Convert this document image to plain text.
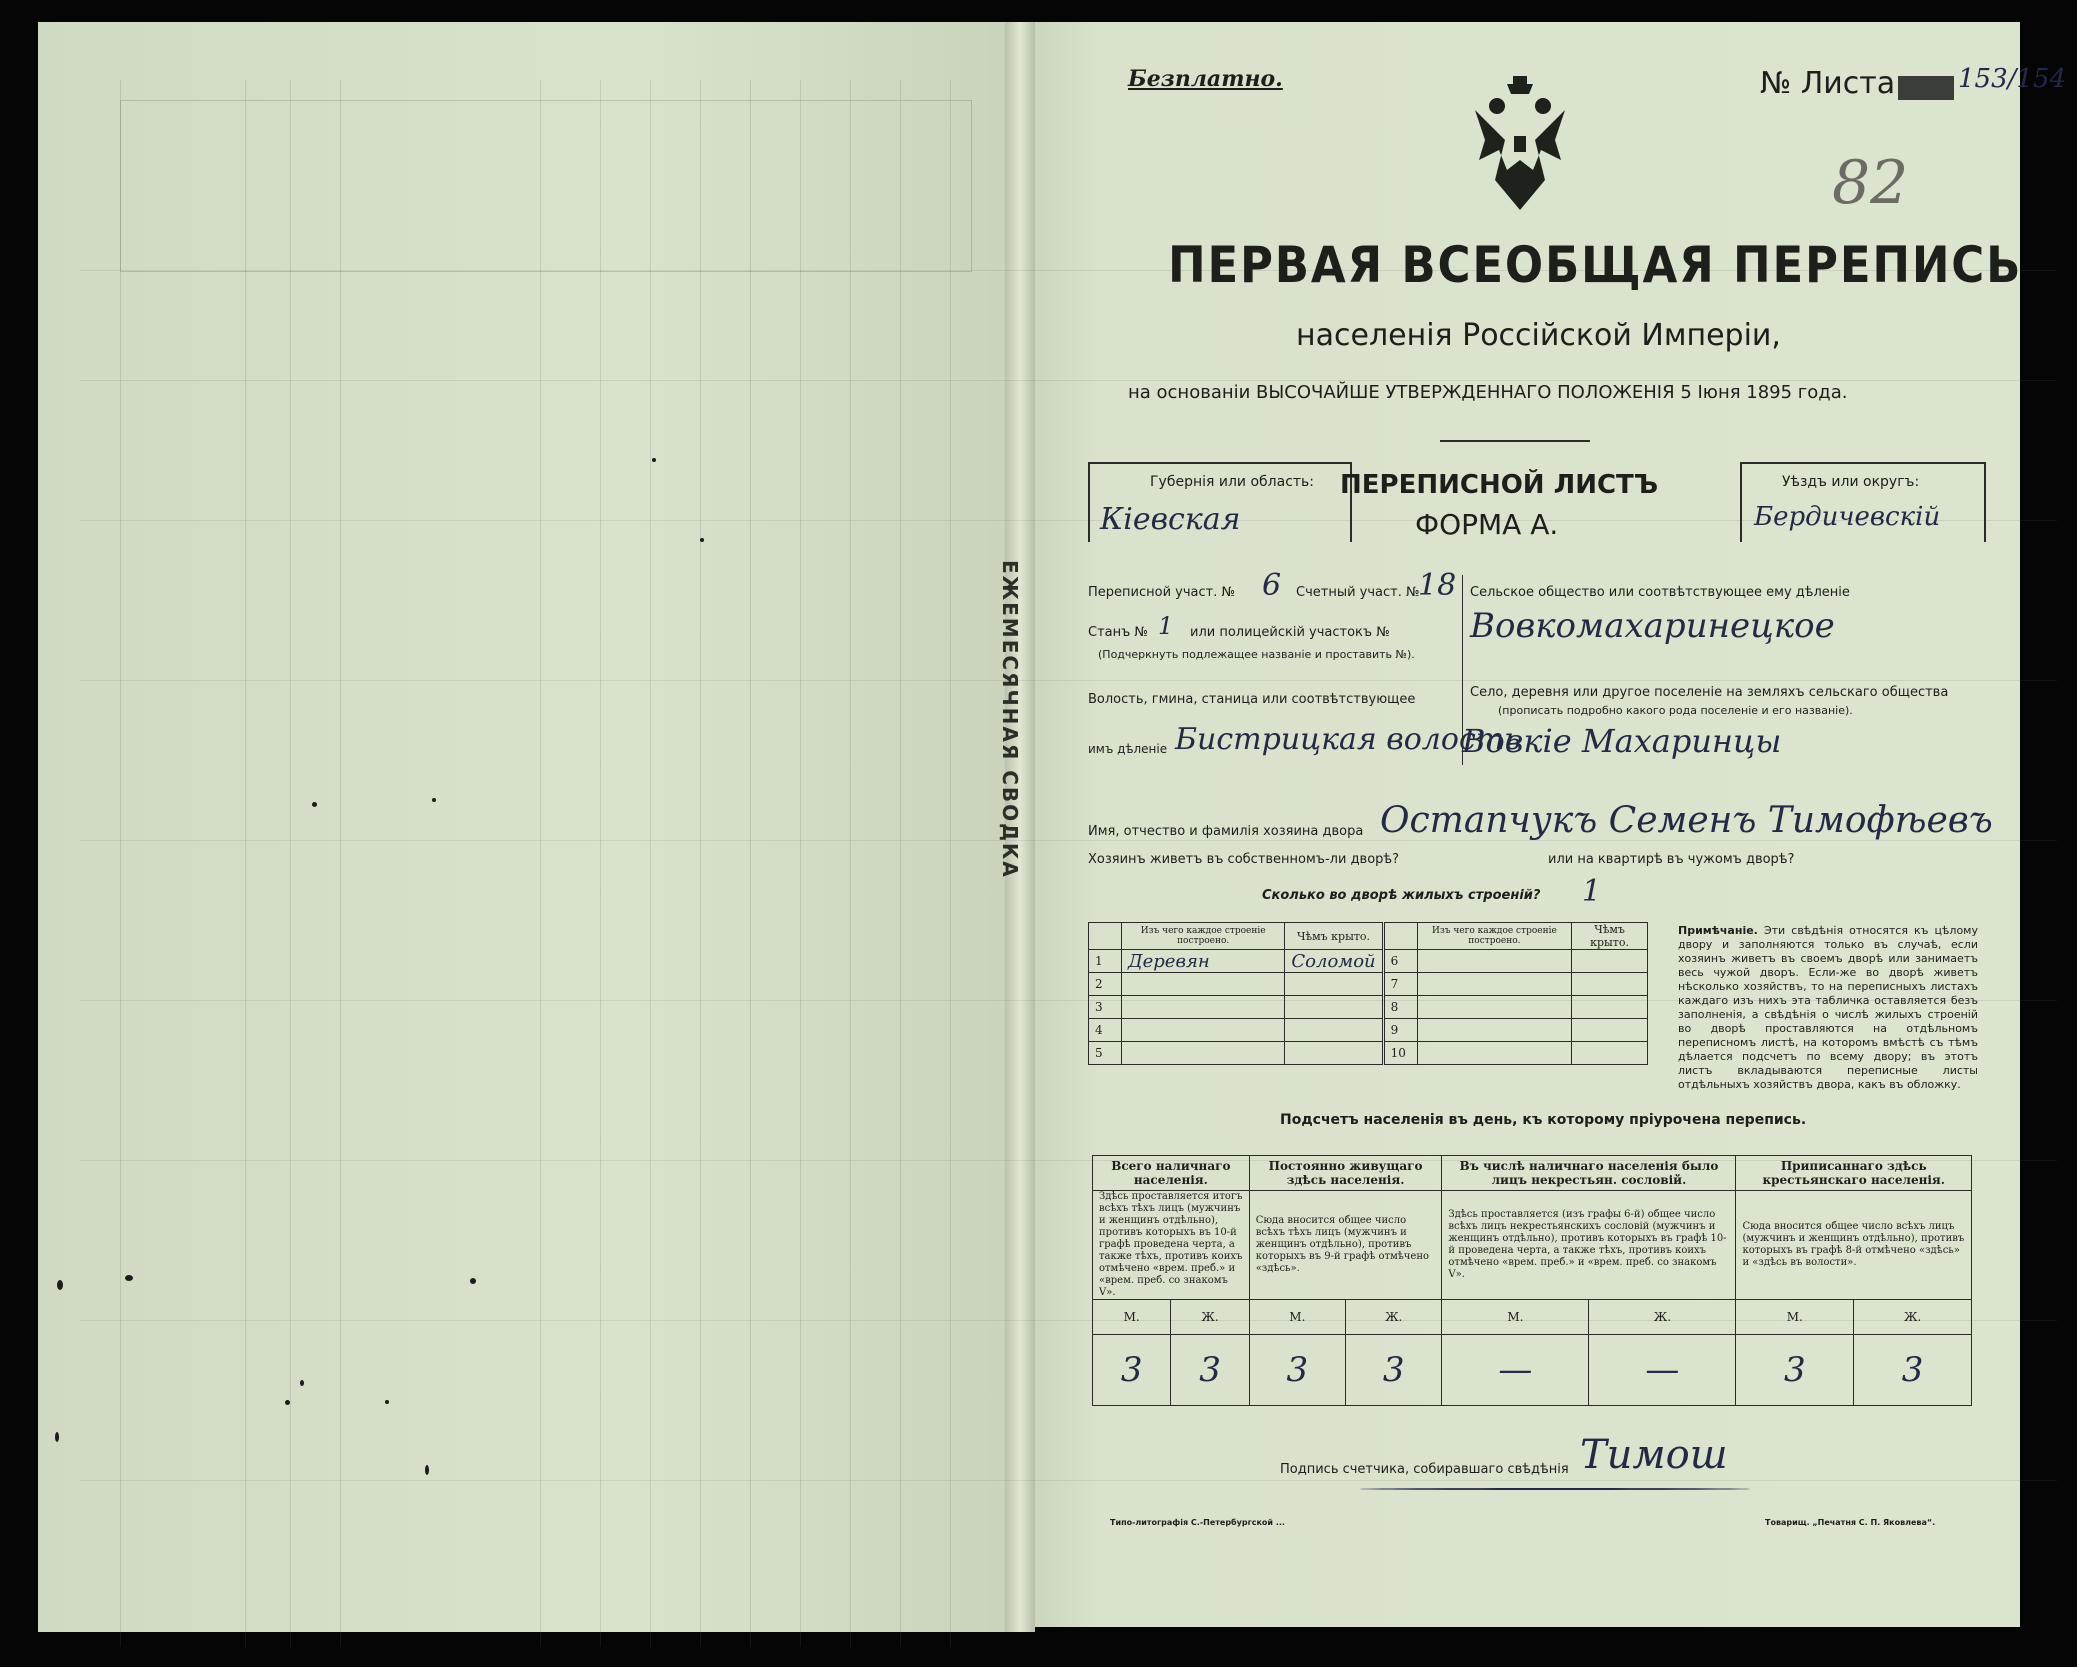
ЕЖЕМЕСЯЧНАЯ СВОДКА
Безплатно.	№ Листа 153/154
82
ПЕРВАЯ ВСЕОБЩАЯ ПЕРЕПИСЬ
населенія Россійской Имперіи,
на основаніи ВЫСОЧАЙШЕ УТВЕРЖДЕННАГО ПОЛОЖЕНІЯ 5 Іюня 1895 года.
Губернія или область:
Кіевская
ПЕРЕПИСНОЙ ЛИСТЪ
ФОРМА А.
Уѣздъ или округъ:
Бердичевскій
Переписной участ. № 6 Счетный участ. №
18
Станъ № 1 или полицейскій участокъ №
(Подчеркнуть подлежащее названіе и проставить №).
Волость, гмина, станица или соотвѣтствующее
имъ дѣленіе Бистрицкая волость
Сельское общество или соотвѣтствующее ему дѣленіе
Вовкомахаринецкое
Село, деревня или другое поселеніе на земляхъ сельскаго общества
(прописать подробно какого рода поселеніе и его названіе).
Вовкіе Махаринцы
Имя, отчество и фамилія хозяина двора Остапчукъ Семенъ Тимофѣевъ
Хозяинъ живетъ въ собственномъ-ли дворѣ?	или на квартирѣ въ чужомъ дворѣ?
Сколько во дворѣ жилыхъ строеній? 1
	Изъ чего каждое строеніе построено.	Чѣмъ крыто.		Изъ чего каждое строеніе построено.	Чѣмъ крыто.
1	Деревян	Соломой	6		
2			7		
3			8		
4			9		
5			10		
Примѣчаніе. Эти свѣдѣнія относятся къ цѣлому двору и заполняются только въ случаѣ, если хозяинъ живетъ въ своемъ дворѣ или занимаетъ весь чужой дворъ. Если-же во дворѣ живетъ нѣсколько хозяйствъ, то на переписныхъ листахъ каждаго изъ нихъ эта табличка оставляется безъ заполненія, а свѣдѣнія о числѣ жилыхъ строеній во дворѣ проставляются на отдѣльномъ переписномъ листѣ, на которомъ вмѣстѣ съ тѣмъ дѣлается подсчетъ по всему двору; въ этотъ листъ вкладываются переписные листы отдѣльныхъ хозяйствъ двора, какъ въ обложку.
Подсчетъ населенія въ день, къ которому пріурочена перепись.
Всего наличнаго населенія.		Постоянно живущаго здѣсь населенія.		Въ числѣ наличнаго населенія было лицъ некрестьян. сословій.		Приписаннаго здѣсь крестьянскаго населенія.	
Здѣсь проставляется итогъ всѣхъ тѣхъ лицъ (мужчинъ и женщинъ отдѣльно), противъ которыхъ въ 10-й графѣ проведена черта, а также тѣхъ, противъ коихъ отмѣчено «врем. преб.» и «врем. преб. со знакомъ V».		Сюда вносится общее число всѣхъ тѣхъ лицъ (мужчинъ и женщинъ отдѣльно), противъ которыхъ въ 9-й графѣ отмѣчено «здѣсь».		Здѣсь проставляется (изъ графы 6-й) общее число всѣхъ лицъ некрестьянскихъ сословій (мужчинъ и женщинъ отдѣльно), противъ которыхъ въ графѣ 10-й проведена черта, а также тѣхъ, противъ коихъ отмѣчено «врем. преб.» и «врем. преб. со знакомъ V».		Сюда вносится общее число всѣхъ лицъ (мужчинъ и женщинъ отдѣльно), противъ которыхъ въ графѣ 8-й отмѣчено «здѣсь» и «здѣсь въ волости».	
М.	Ж.	М.	Ж.	М.	Ж.	М.	Ж.
3	3	3	3	—	—	3	3
Подпись счетчика, собиравшаго свѣдѣнія Тимош
Типо-литографія С.-Петербургской ...	Товарищ. „Печатня С. П. Яковлева“.
